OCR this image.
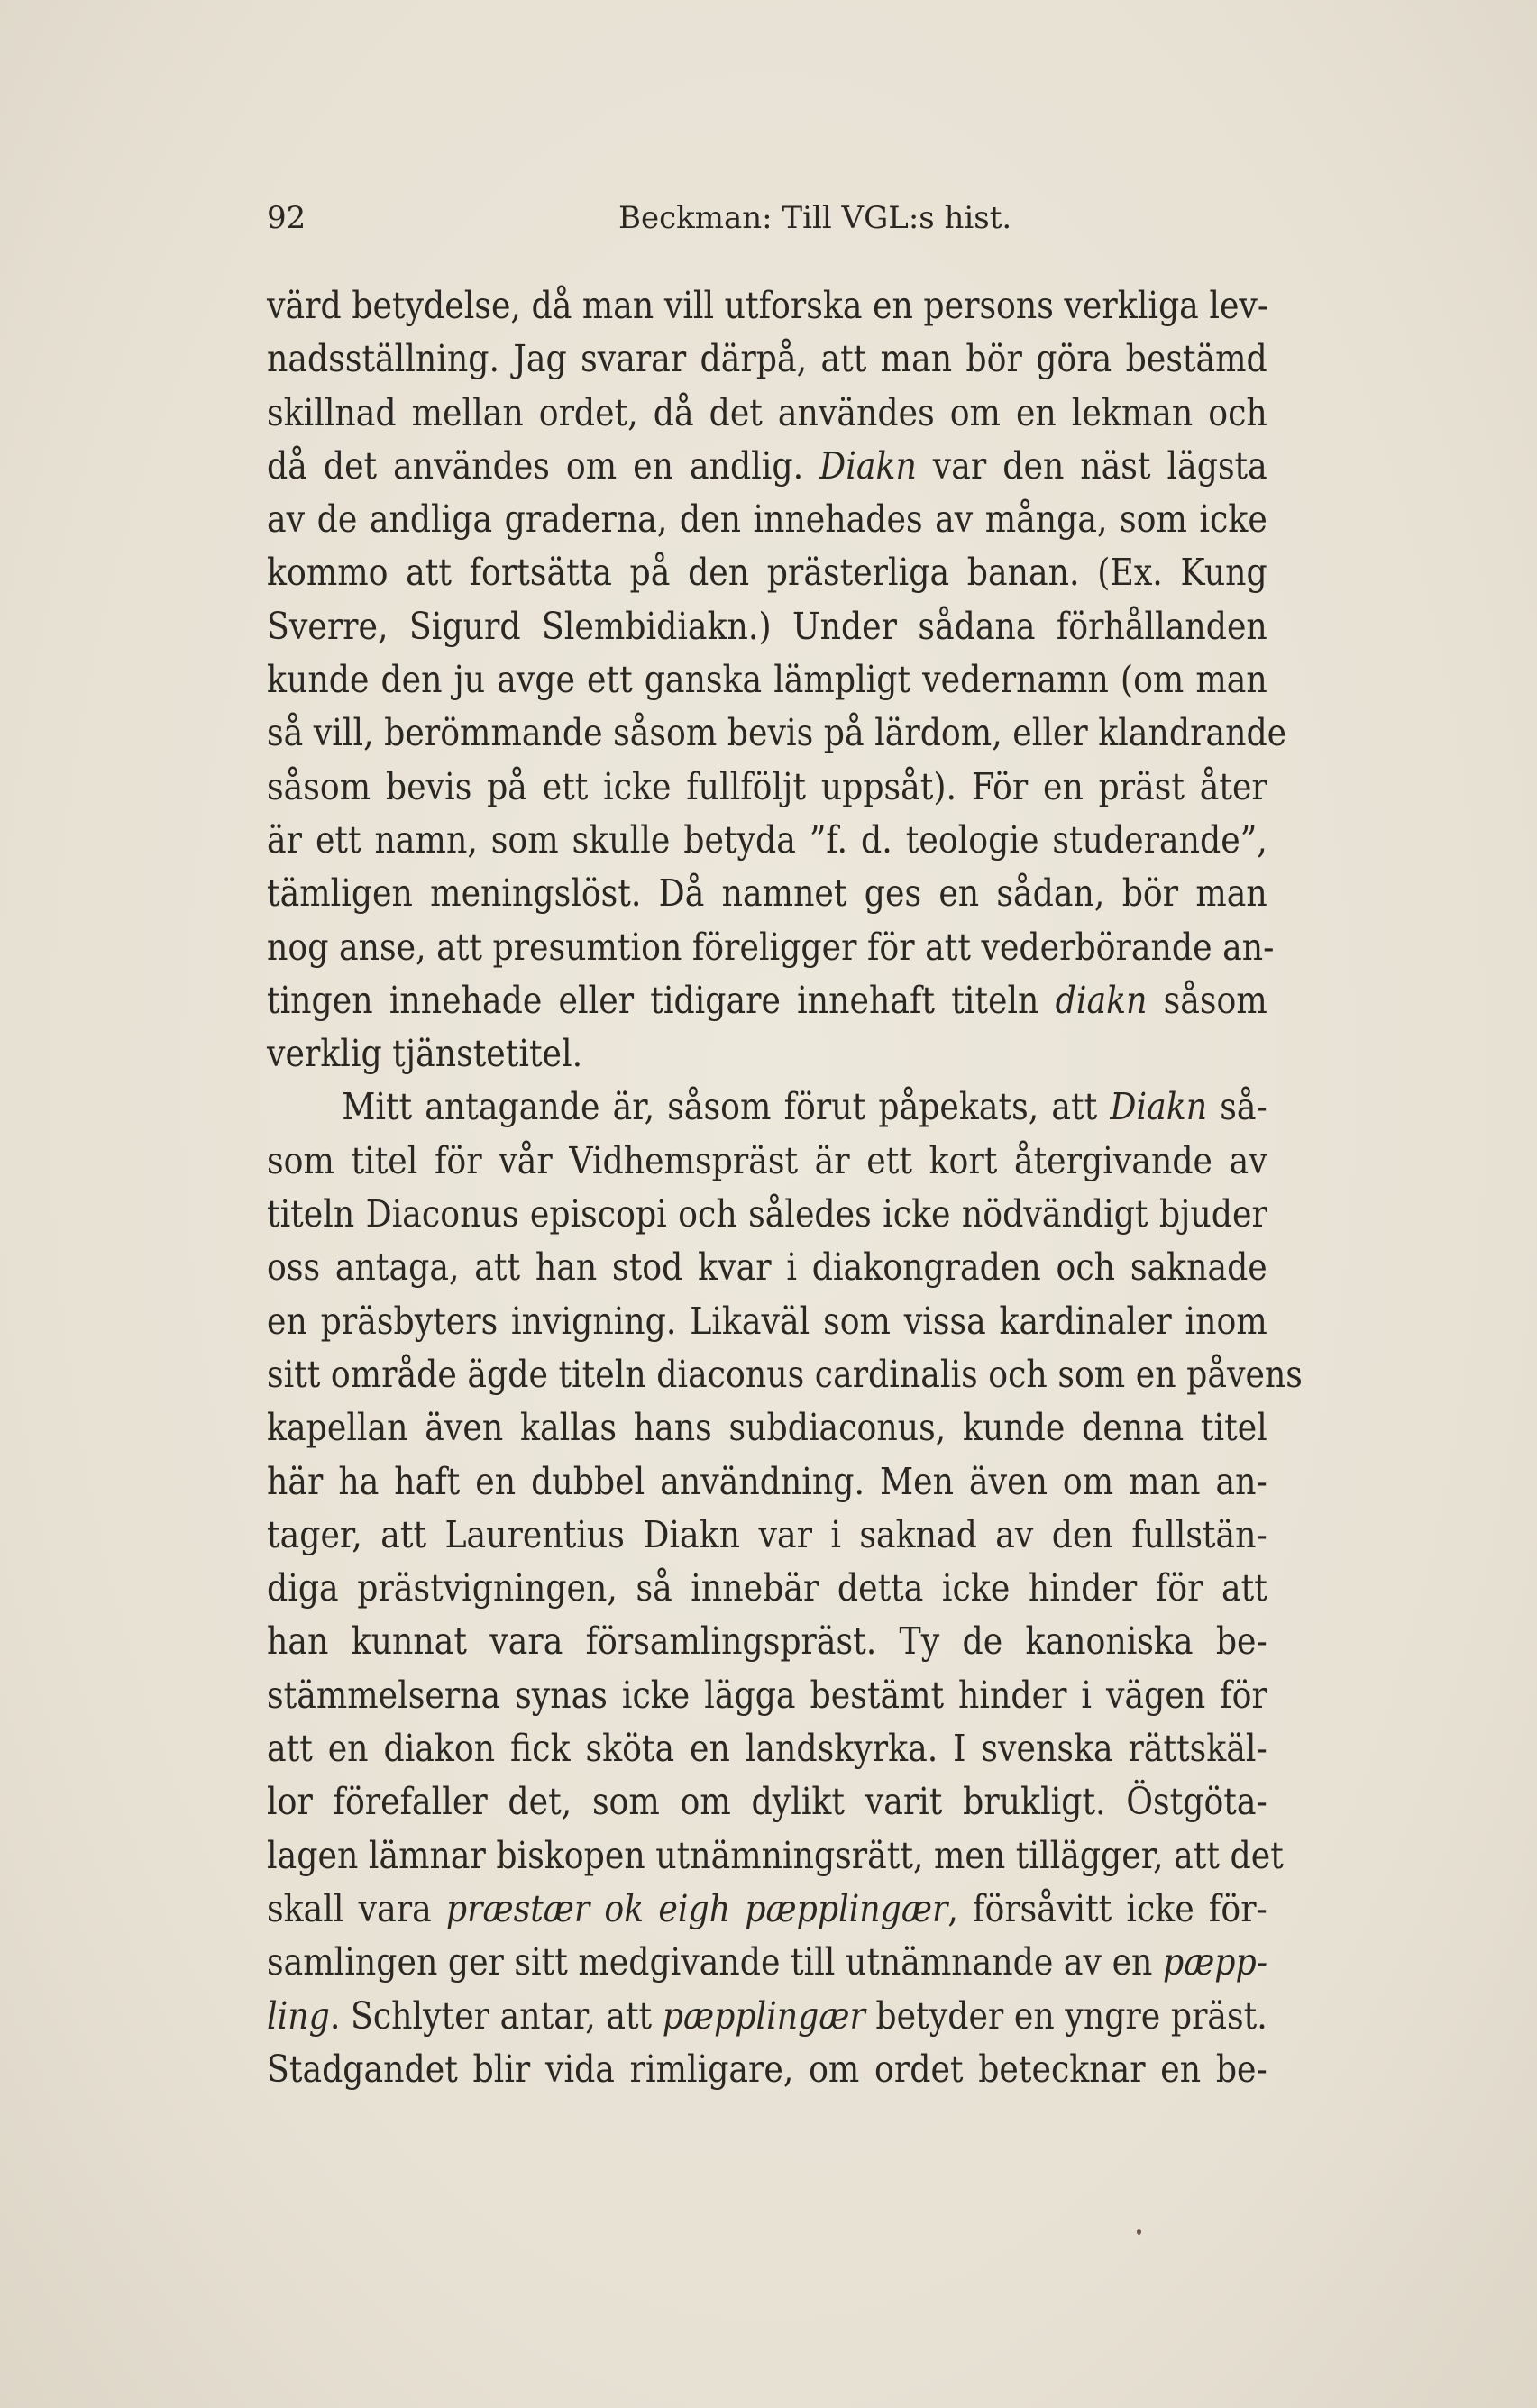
92	Beckman: Till VGL:s hist.
värd betydelse, då man vill utforska en persons verkliga lev-
nadsställning. Jag svarar därpå, att man bör göra bestämd
skillnad mellan ordet, då det användes om en lekman och
då det användes om en andlig. Diakn var den näst lägsta
av de andliga graderna, den innehades av många, som icke
kommo att fortsätta på den prästerliga banan. (Ex. Kung
Sverre, Sigurd Slembidiakn.) Under sådana förhållanden
kunde den ju avge ett ganska lämpligt vedernamn (om man
så vill, berömmande såsom bevis på lärdom, eller klandrande
såsom bevis på ett icke fullföljt uppsåt). För en präst åter
är ett namn, som skulle betyda ”f. d. teologie studerande”,
tämligen meningslöst. Då namnet ges en sådan, bör man
nog anse, att presumtion föreligger för att vederbörande an-
tingen innehade eller tidigare innehaft titeln diakn såsom
verklig tjänstetitel.
Mitt antagande är, såsom förut påpekats, att Diakn så-
som titel för vår Vidhemspräst är ett kort återgivande av
titeln Diaconus episcopi och således icke nödvändigt bjuder
oss antaga, att han stod kvar i diakongraden och saknade
en präsbyters invigning. Likaväl som vissa kardinaler inom
sitt område ägde titeln diaconus cardinalis och som en påvens
kapellan även kallas hans subdiaconus, kunde denna titel
här ha haft en dubbel användning. Men även om man an-
tager, att Laurentius Diakn var i saknad av den fullstän-
diga prästvigningen, så innebär detta icke hinder för att
han kunnat vara församlingspräst. Ty de kanoniska be-
stämmelserna synas icke lägga bestämt hinder i vägen för
att en diakon fick sköta en landskyrka. I svenska rättskäl-
lor förefaller det, som om dylikt varit brukligt. Östgöta-
lagen lämnar biskopen utnämningsrätt, men tillägger, att det
skall vara præstær ok eigh pæpplingær, försåvitt icke för-
samlingen ger sitt medgivande till utnämnande av en pæpp-
ling. Schlyter antar, att pæpplingær betyder en yngre präst.
Stadgandet blir vida rimligare, om ordet betecknar en be-
